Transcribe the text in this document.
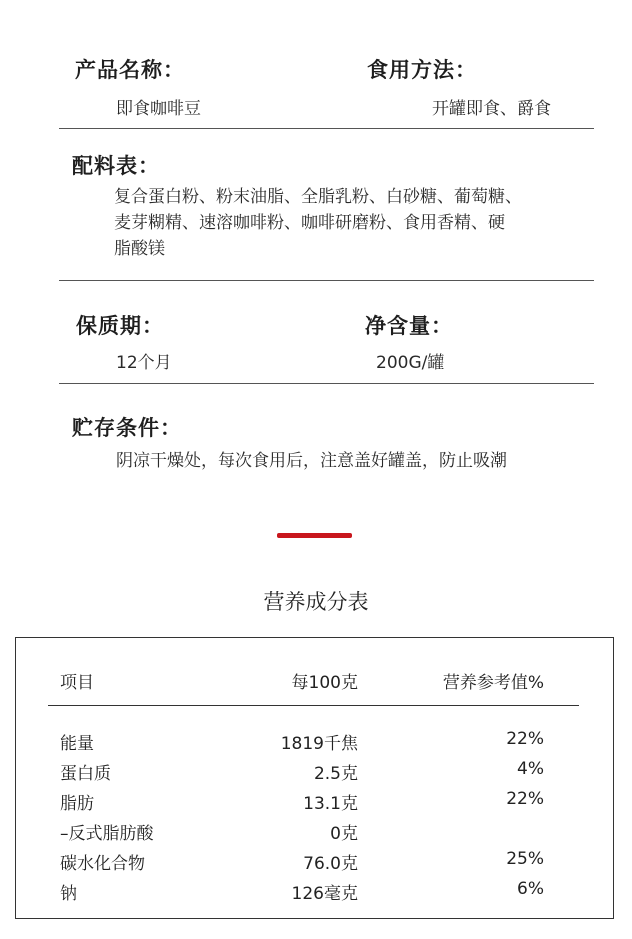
产品名称：
即食咖啡豆
食用方法：
开罐即食、爵食
配料表：
复合蛋白粉、粉末油脂、全脂乳粉、白砂糖、葡萄糖、
麦芽糊精、速溶咖啡粉、咖啡研磨粉、食用香精、硬
脂酸镁
保质期：
12个月
净含量：
200G/罐
贮存条件：
阴凉干燥处，每次食用后，注意盖好罐盖，防止吸潮
营养成分表
项目	每100克	营养参考值%
能量	1819千焦	22%
蛋白质	2.5克	4%
脂肪	13.1克	22%
–反式脂肪酸	0克
碳水化合物	76.0克	25%
钠	126毫克	6%
